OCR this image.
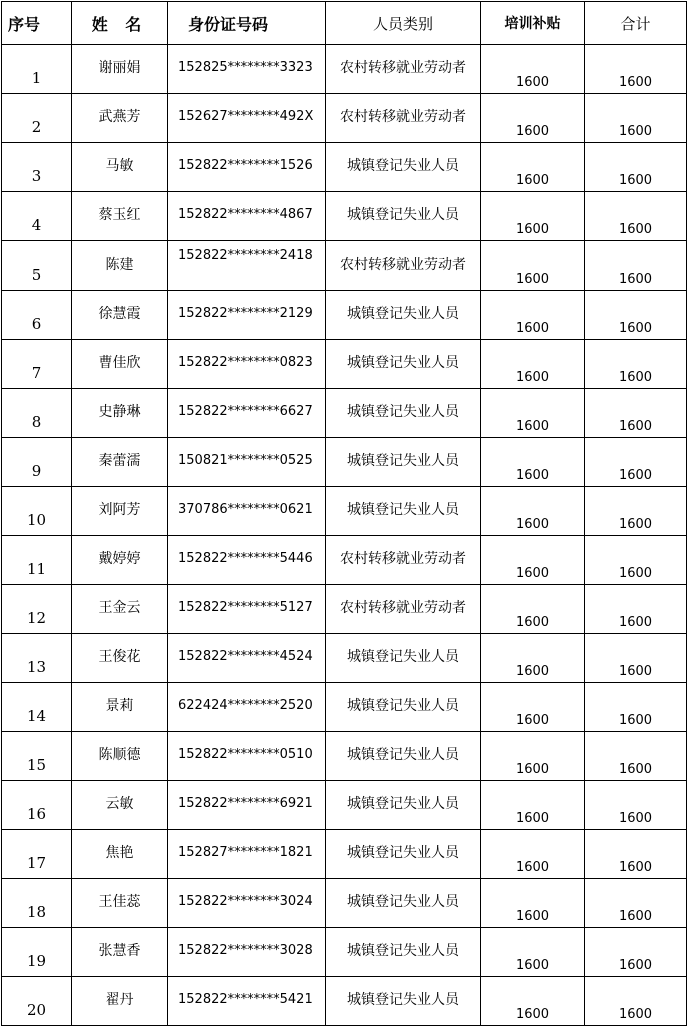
序号	姓 名	身份证号码	人员类别	培训补贴	合计
1	谢丽娟	152825********3323	农村转移就业劳动者	1600	1600
2	武燕芳	152627********492X	农村转移就业劳动者	1600	1600
3	马敏	152822********1526	城镇登记失业人员	1600	1600
4	蔡玉红	152822********4867	城镇登记失业人员	1600	1600
5	陈建	152822********2418	农村转移就业劳动者	1600	1600
6	徐慧霞	152822********2129	城镇登记失业人员	1600	1600
7	曹佳欣	152822********0823	城镇登记失业人员	1600	1600
8	史静琳	152822********6627	城镇登记失业人员	1600	1600
9	秦蕾濡	150821********0525	城镇登记失业人员	1600	1600
10	刘阿芳	370786********0621	城镇登记失业人员	1600	1600
11	戴婷婷	152822********5446	农村转移就业劳动者	1600	1600
12	王金云	152822********5127	农村转移就业劳动者	1600	1600
13	王俊花	152822********4524	城镇登记失业人员	1600	1600
14	景莉	622424********2520	城镇登记失业人员	1600	1600
15	陈顺德	152822********0510	城镇登记失业人员	1600	1600
16	云敏	152822********6921	城镇登记失业人员	1600	1600
17	焦艳	152827********1821	城镇登记失业人员	1600	1600
18	王佳蕊	152822********3024	城镇登记失业人员	1600	1600
19	张慧香	152822********3028	城镇登记失业人员	1600	1600
20	翟丹	152822********5421	城镇登记失业人员	1600	1600
